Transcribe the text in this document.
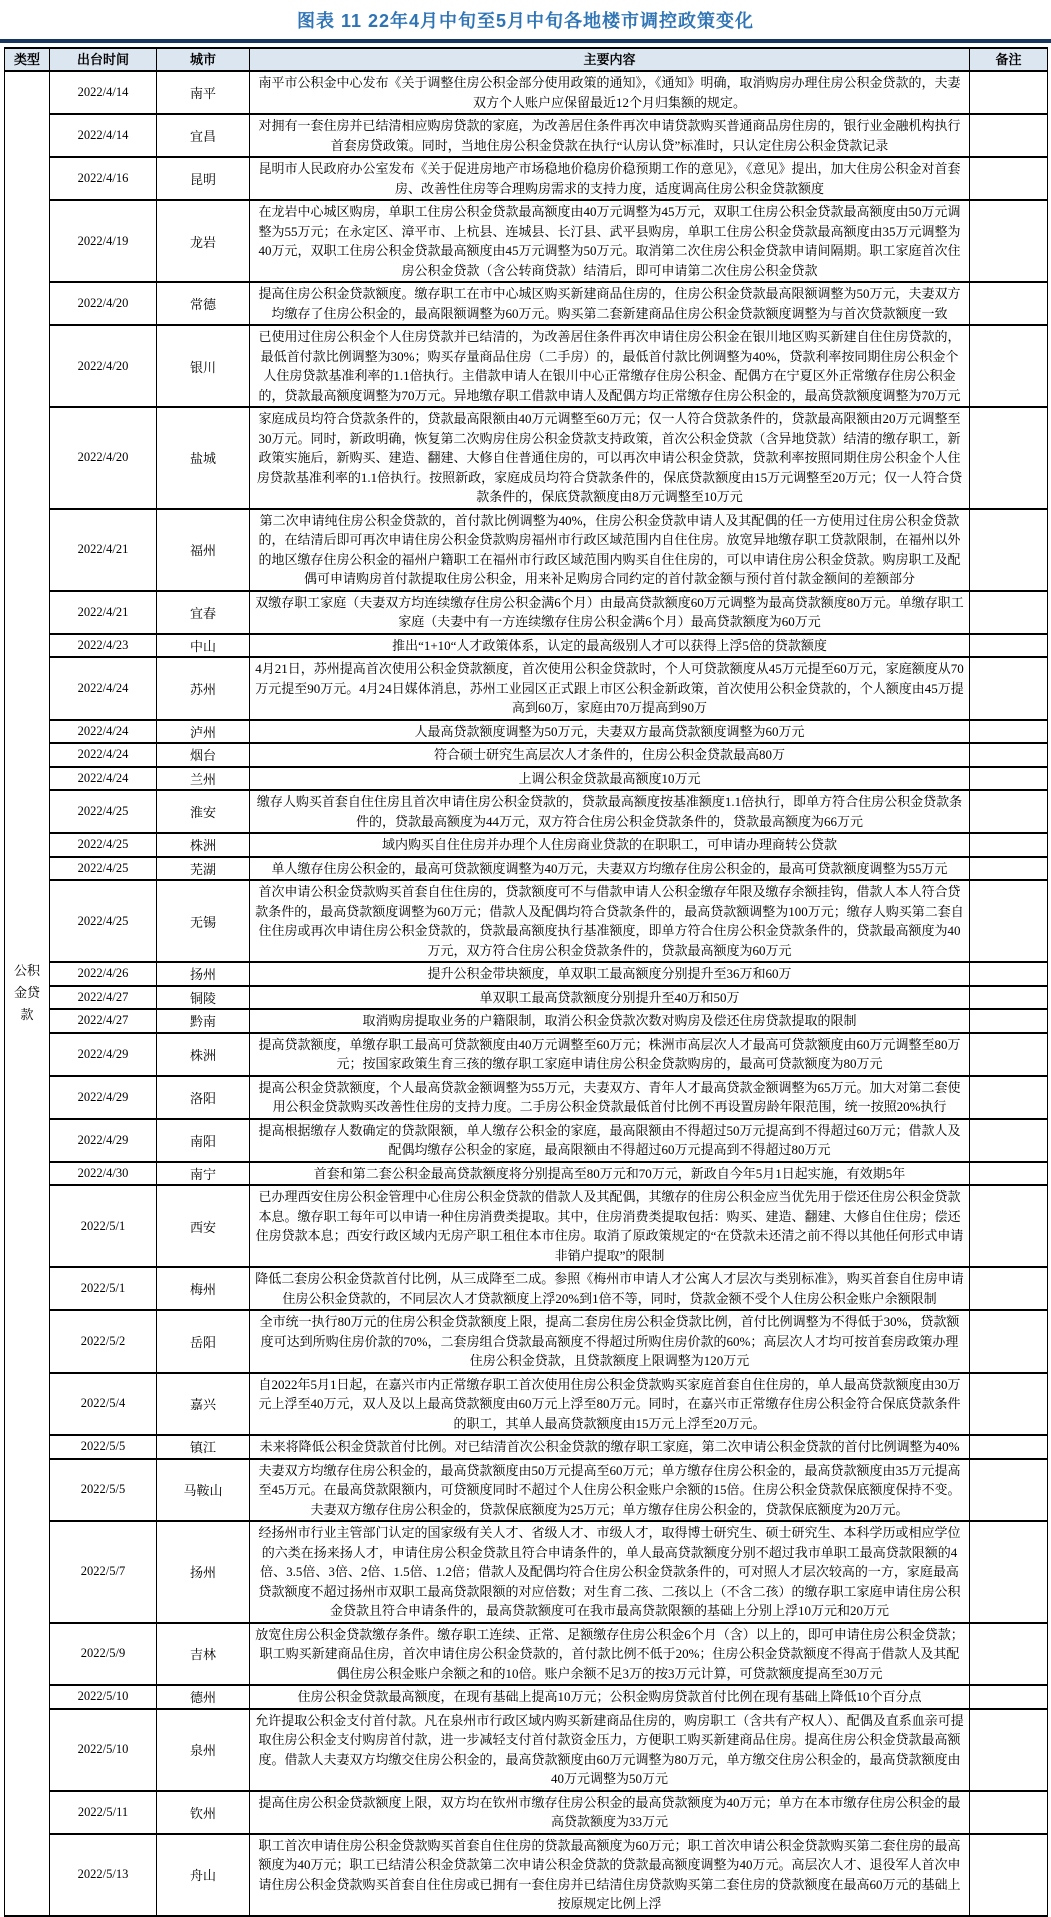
图表 11 22年4月中旬至5月中旬各地楼市调控政策变化
类型	出台时间	城市	主要内容	备注
公积金贷款	2022/4/14	南平	南平市公积金中心发布《关于调整住房公积金部分使用政策的通知》，《通知》明确，取消购房办理住房公积金贷款的，夫妻双方个人账户应保留最近12个月归集额的规定。	
	2022/4/14	宜昌	对拥有一套住房并已结清相应购房贷款的家庭，为改善居住条件再次申请贷款购买普通商品房住房的，银行业金融机构执行首套房贷政策。同时，当地住房公积金贷款在执行“认房认贷”标准时，只认定住房公积金贷款记录	
	2022/4/16	昆明	昆明市人民政府办公室发布《关于促进房地产市场稳地价稳房价稳预期工作的意见》，《意见》提出，加大住房公积金对首套房、改善性住房等合理购房需求的支持力度，适度调高住房公积金贷款额度	
	2022/4/19	龙岩	在龙岩中心城区购房，单职工住房公积金贷款最高额度由40万元调整为45万元，双职工住房公积金贷款最高额度由50万元调整为55万元；在永定区、漳平市、上杭县、连城县、长汀县、武平县购房，单职工住房公积金贷款最高额度由35万元调整为40万元，双职工住房公积金贷款最高额度由45万元调整为50万元。取消第二次住房公积金贷款申请间隔期。职工家庭首次住房公积金贷款（含公转商贷款）结清后，即可申请第二次住房公积金贷款	
	2022/4/20	常德	提高住房公积金贷款额度。缴存职工在市中心城区购买新建商品住房的，住房公积金贷款最高限额调整为50万元，夫妻双方均缴存了住房公积金的，最高限额调整为60万元。购买第二套新建商品住房公积金贷款额度调整为与首次贷款额度一致	
	2022/4/20	银川	已使用过住房公积金个人住房贷款并已结清的，为改善居住条件再次申请住房公积金在银川地区购买新建自住住房贷款的，最低首付款比例调整为30%；购买存量商品住房（二手房）的，最低首付款比例调整为40%，贷款利率按同期住房公积金个人住房贷款基准利率的1.1倍执行。主借款申请人在银川中心正常缴存住房公积金、配偶方在宁夏区外正常缴存住房公积金的，贷款最高额度调整为70万元。异地缴存职工借款申请人及配偶方均正常缴存住房公积金的，最高贷款额度调整为70万元	
	2022/4/20	盐城	家庭成员均符合贷款条件的，贷款最高限额由40万元调整至60万元；仅一人符合贷款条件的，贷款最高限额由20万元调整至30万元。同时，新政明确，恢复第二次购房住房公积金贷款支持政策，首次公积金贷款（含异地贷款）结清的缴存职工，新政策实施后，新购买、建造、翻建、大修自住普通住房的，可以再次申请公积金贷款，贷款利率按照同期住房公积金个人住房贷款基准利率的1.1倍执行。按照新政，家庭成员均符合贷款条件的，保底贷款额度由15万元调整至20万元；仅一人符合贷款条件的，保底贷款额度由8万元调整至10万元	
	2022/4/21	福州	第二次申请纯住房公积金贷款的，首付款比例调整为40%，住房公积金贷款申请人及其配偶的任一方使用过住房公积金贷款的，在结清后即可再次申请住房公积金贷款购房福州市行政区域范围内自住住房。放宽异地缴存职工贷款限制，在福州以外的地区缴存住房公积金的福州户籍职工在福州市行政区域范围内购买自住住房的，可以申请住房公积金贷款。购房职工及配偶可申请购房首付款提取住房公积金，用来补足购房合同约定的首付款金额与预付首付款金额间的差额部分	
	2022/4/21	宜春	双缴存职工家庭（夫妻双方均连续缴存住房公积金满6个月）由最高贷款额度60万元调整为最高贷款额度80万元。单缴存职工家庭（夫妻中有一方连续缴存住房公积金满6个月）最高贷款额度为60万元	
	2022/4/23	中山	推出“1+10“人才政策体系，认定的最高级别人才可以获得上浮5倍的贷款额度	
	2022/4/24	苏州	4月21日，苏州提高首次使用公积金贷款额度，首次使用公积金贷款时，个人可贷款额度从45万元提至60万元，家庭额度从70万元提至90万元。4月24日媒体消息，苏州工业园区正式跟上市区公积金新政策，首次使用公积金贷款的，个人额度由45万提高到60万，家庭由70万提高到90万	
	2022/4/24	泸州	人最高贷款额度调整为50万元，夫妻双方最高贷款额度调整为60万元	
	2022/4/24	烟台	符合硕士研究生高层次人才条件的，住房公积金贷款最高80万	
	2022/4/24	兰州	上调公积金贷款最高额度10万元	
	2022/4/25	淮安	缴存人购买首套自住住房且首次申请住房公积金贷款的，贷款最高额度按基准额度1.1倍执行，即单方符合住房公积金贷款条件的，贷款最高额度为44万元，双方符合住房公积金贷款条件的，贷款最高额度为66万元	
	2022/4/25	株洲	域内购买自住住房并办理个人住房商业贷款的在职职工，可申请办理商转公贷款	
	2022/4/25	芜湖	单人缴存住房公积金的，最高可贷款额度调整为40万元，夫妻双方均缴存住房公积金的，最高可贷款额度调整为55万元	
	2022/4/25	无锡	首次申请公积金贷款购买首套自住住房的，贷款额度可不与借款申请人公积金缴存年限及缴存余额挂钩，借款人本人符合贷款条件的，最高贷款额度调整为60万元；借款人及配偶均符合贷款条件的，最高贷款额调整为100万元；缴存人购买第二套自住住房或再次申请住房公积金贷款的，贷款最高额度执行基准额度，即单方符合住房公积金贷款条件的，贷款最高额度为40万元，双方符合住房公积金贷款条件的，贷款最高额度为60万元	
	2022/4/26	扬州	提升公积金带块额度，单双职工最高额度分别提升至36万和60万	
	2022/4/27	铜陵	单双职工最高贷款额度分别提升至40万和50万	
	2022/4/27	黔南	取消购房提取业务的户籍限制，取消公积金贷款次数对购房及偿还住房贷款提取的限制	
	2022/4/29	株洲	提高贷款额度，单缴存职工最高可贷款额度由40万元调整至60万元；株洲市高层次人才最高可贷款额度由60万元调整至80万元；按国家政策生育三孩的缴存职工家庭申请住房公积金贷款购房的，最高可贷款额度为80万元	
	2022/4/29	洛阳	提高公积金贷款额度，个人最高贷款金额调整为55万元，夫妻双方、青年人才最高贷款金额调整为65万元。加大对第二套使用公积金贷款购买改善性住房的支持力度。二手房公积金贷款最低首付比例不再设置房龄年限范围，统一按照20%执行	
	2022/4/29	南阳	提高根据缴存人数确定的贷款限额，单人缴存公积金的家庭，最高限额由不得超过50万元提高到不得超过60万元；借款人及配偶均缴存公积金的家庭，最高限额由不得超过60万元提高到不得超过80万元	
	2022/4/30	南宁	首套和第二套公积金最高贷款额度将分别提高至80万元和70万元，新政自今年5月1日起实施，有效期5年	
	2022/5/1	西安	已办理西安住房公积金管理中心住房公积金贷款的借款人及其配偶，其缴存的住房公积金应当优先用于偿还住房公积金贷款本息。缴存职工每年可以申请一种住房消费类提取。其中，住房消费类提取包括：购买、建造、翻建、大修自住住房；偿还住房贷款本息；西安行政区域内无房产职工租住本市住房。取消了原政策规定的“在贷款未还清之前不得以其他任何形式申请非销户提取”的限制	
	2022/5/1	梅州	降低二套房公积金贷款首付比例，从三成降至二成。参照《梅州市申请人才公寓人才层次与类别标准》，购买首套自住房申请住房公积金贷款的，不同层次人才贷款额度上浮20%到1倍不等，同时，贷款金额不受个人住房公积金账户余额限制	
	2022/5/2	岳阳	全市统一执行80万元的住房公积金贷款额度上限，提高二套房住房公积金贷款比例，首付比例调整为不得低于30%，贷款额度可达到所购住房价款的70%，二套房组合贷款最高额度不得超过所购住房价款的60%；高层次人才均可按首套房政策办理住房公积金贷款，且贷款额度上限调整为120万元	
	2022/5/4	嘉兴	自2022年5月1日起，在嘉兴市内正常缴存职工首次使用住房公积金贷款购买家庭首套自住住房的，单人最高贷款额度由30万元上浮至40万元，双人及以上最高贷款额度由60万元上浮至80万元。同时，在嘉兴市正常缴存住房公积金符合保底贷款条件的职工，其单人最高贷款额度由15万元上浮至20万元。	
	2022/5/5	镇江	未来将降低公积金贷款首付比例。对已结清首次公积金贷款的缴存职工家庭，第二次申请公积金贷款的首付比例调整为40%	
	2022/5/5	马鞍山	夫妻双方均缴存住房公积金的，最高贷款额度由50万元提高至60万元；单方缴存住房公积金的，最高贷款额度由35万元提高至45万元。在最高贷款限额内，可贷额度同时不超过个人住房公积金账户余额的15倍。住房公积金贷款保底额度保持不变。夫妻双方缴存住房公积金的，贷款保底额度为25万元；单方缴存住房公积金的，贷款保底额度为20万元。	
	2022/5/7	扬州	经扬州市行业主管部门认定的国家级有关人才、省级人才、市级人才，取得博士研究生、硕士研究生、本科学历或相应学位的六类在扬来扬人才，申请住房公积金贷款且符合申请条件的，单人最高贷款额度分别不超过我市单职工最高贷款限额的4倍、3.5倍、3倍、2倍、1.5倍、1.2倍；借款人及配偶均符合住房公积金贷款条件的，可对照人才层次较高的一方，家庭最高贷款额度不超过扬州市双职工最高贷款限额的对应倍数；对生育二孩、二孩以上（不含二孩）的缴存职工家庭申请住房公积金贷款且符合申请条件的，最高贷款额度可在我市最高贷款限额的基础上分别上浮10万元和20万元	
	2022/5/9	吉林	放宽住房公积金贷款缴存条件。缴存职工连续、正常、足额缴存住房公积金6个月（含）以上的，即可申请住房公积金贷款；职工购买新建商品住房，首次申请住房公积金贷款的，首付款比例不低于20%；住房公积金贷款额度不得高于借款人及其配偶住房公积金账户余额之和的10倍。账户余额不足3万的按3万元计算，可贷款额度提高至30万元	
	2022/5/10	德州	住房公积金贷款最高额度，在现有基础上提高10万元；公积金购房贷款首付比例在现有基础上降低10个百分点	
	2022/5/10	泉州	允许提取公积金支付首付款。凡在泉州市行政区域内购买新建商品住房的，购房职工（含共有产权人）、配偶及直系血亲可提取住房公积金支付购房首付款，进一步减轻支付首付款资金压力，方便职工购买新建商品住房。提高住房公积金贷款最高额度。借款人夫妻双方均缴交住房公积金的，最高贷款额度由60万元调整为80万元，单方缴交住房公积金的，最高贷款额度由40万元调整为50万元	
	2022/5/11	钦州	提高住房公积金贷款额度上限，双方均在钦州市缴存住房公积金的最高贷款额度为40万元；单方在本市缴存住房公积金的最高贷款额度为33万元	
	2022/5/13	舟山	职工首次申请住房公积金贷款购买首套自住住房的贷款最高额度为60万元；职工首次申请公积金贷款购买第二套住房的最高额度为40万元；职工已结清公积金贷款第二次申请公积金贷款的贷款最高额度调整为40万元。高层次人才、退役军人首次申请住房公积金贷款购买首套自住住房或已拥有一套住房并已结清住房贷款购买第二套住房的贷款额度在最高60万元的基础上按原规定比例上浮	
